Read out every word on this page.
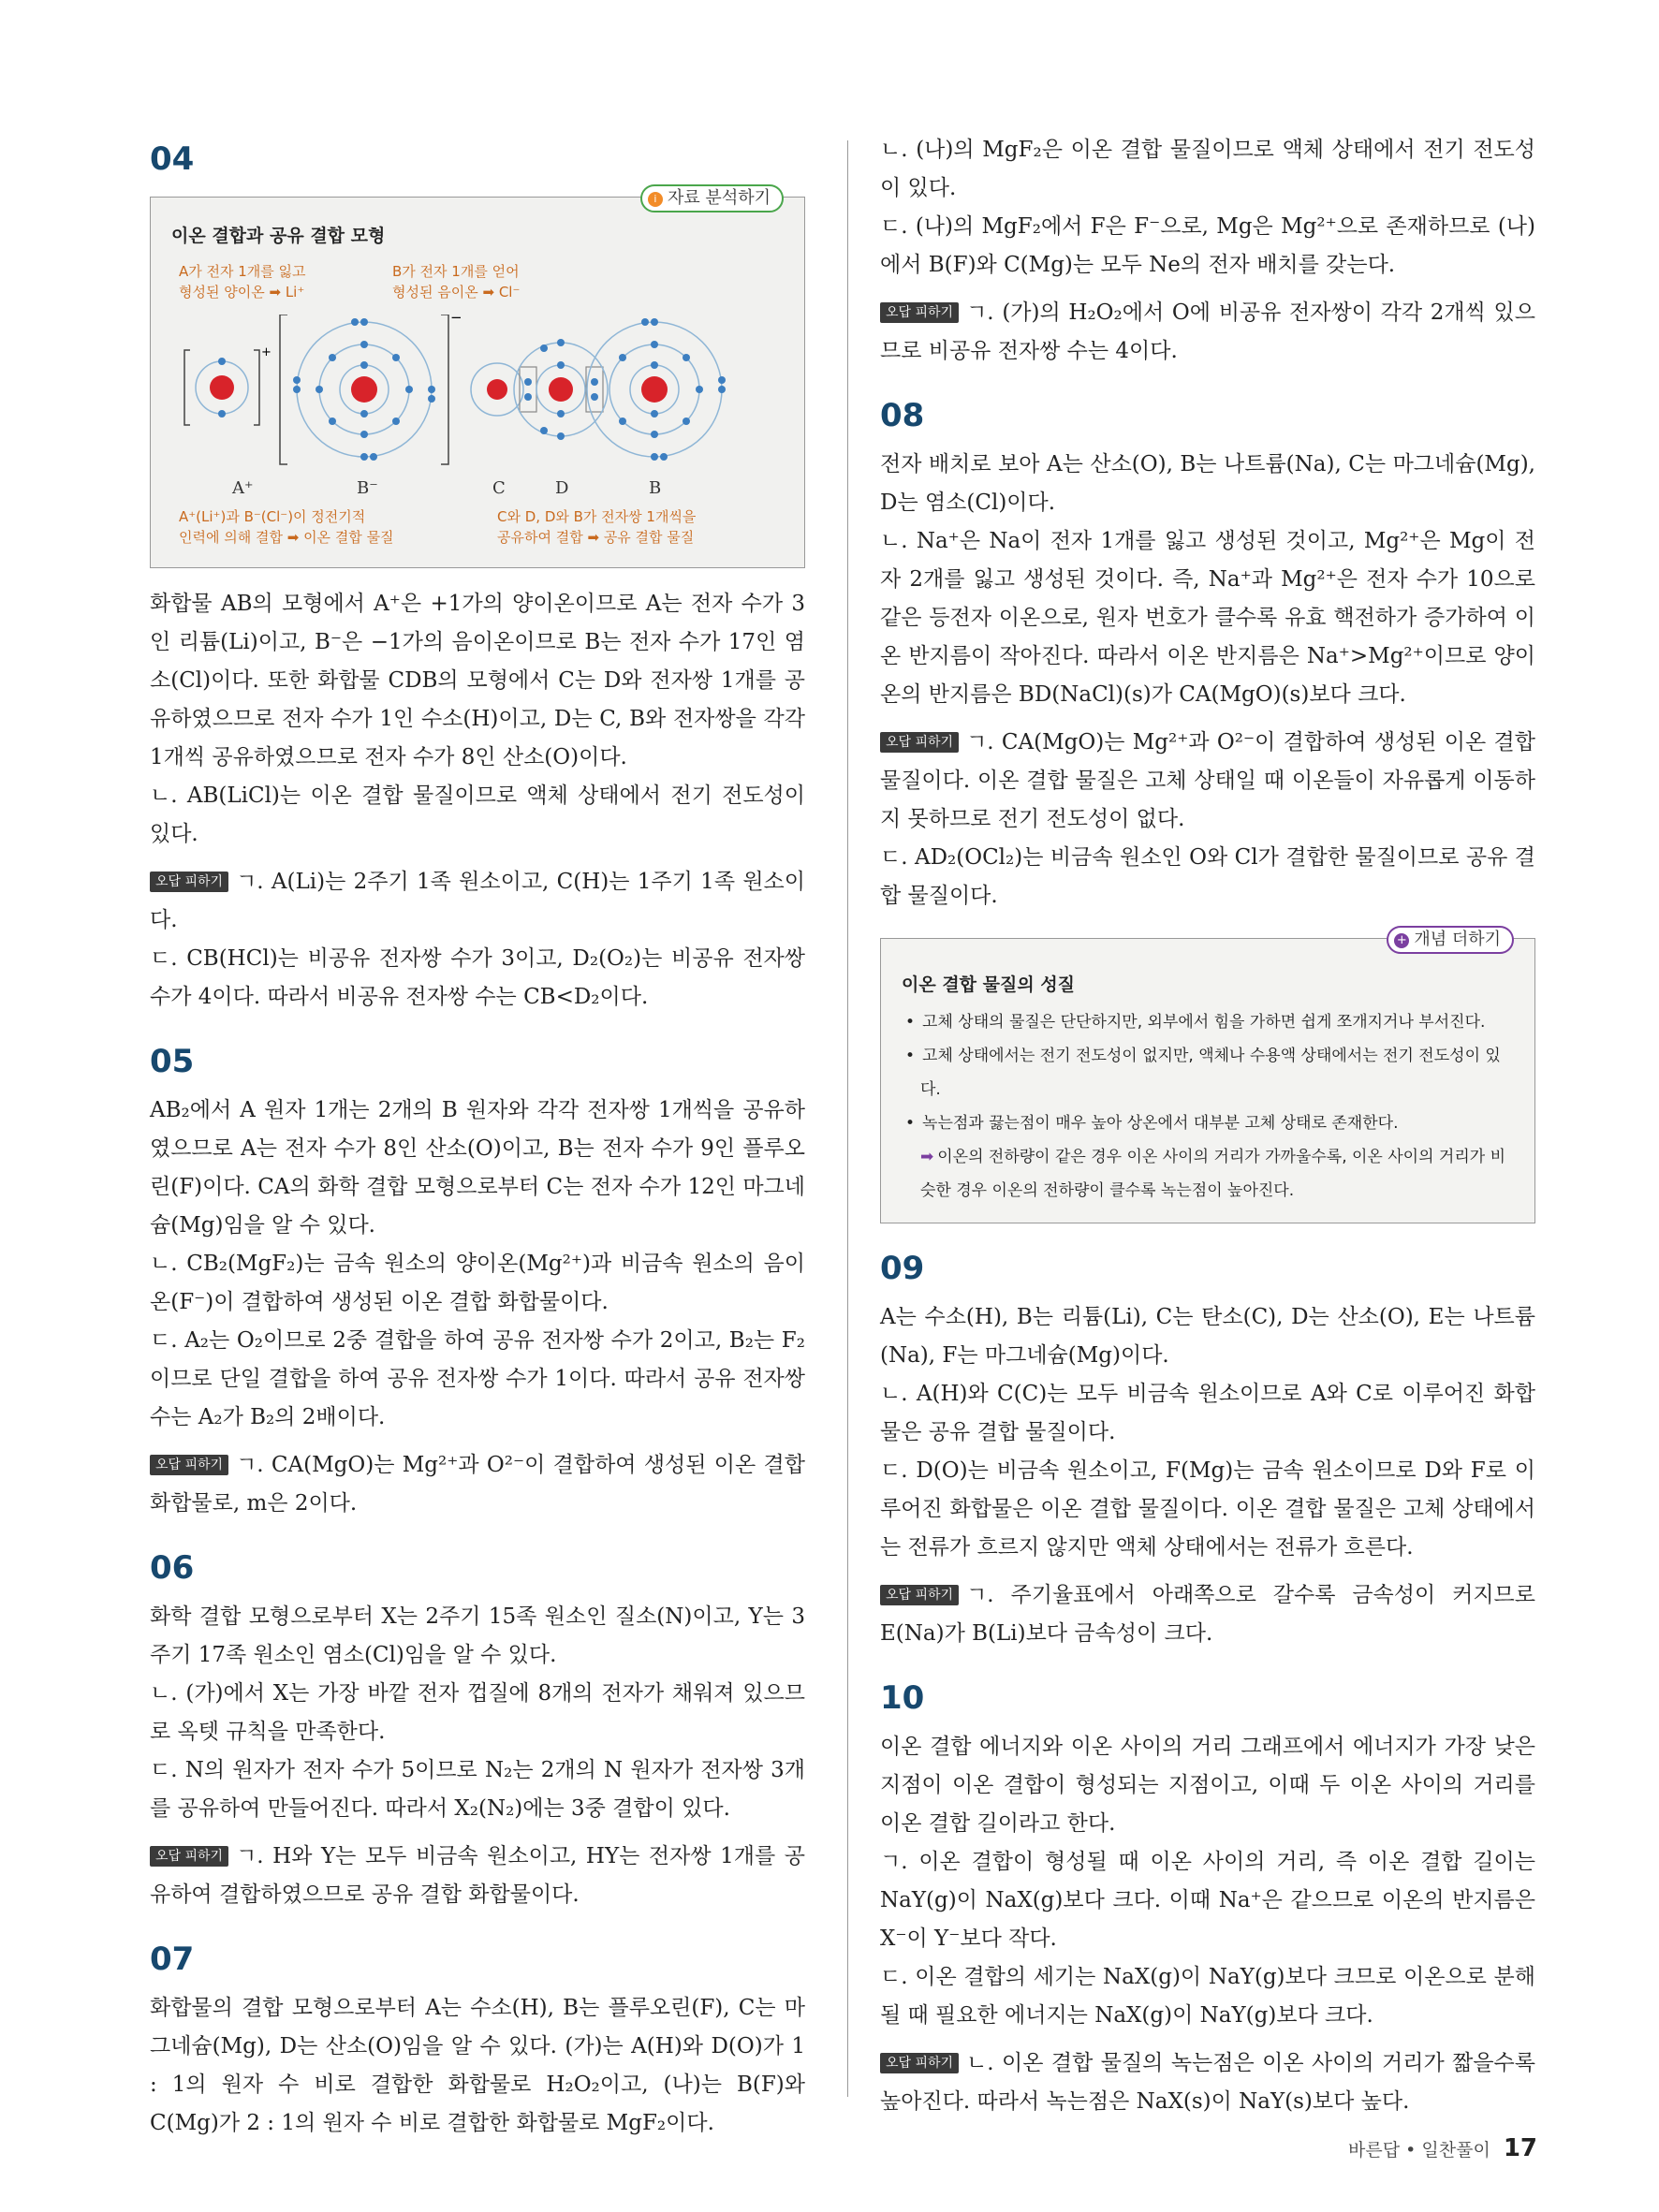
04
i 자료 분석하기
이온 결합과 공유 결합 모형
A가 전자 1개를 잃고
형성된 양이온 ➡ Li⁺
B가 전자 1개를 얻어
형성된 음이온 ➡ Cl⁻
+
−
A⁺	B⁻	C	D	B
A⁺(Li⁺)과 B⁻(Cl⁻)이 정전기적
인력에 의해 결합 ➡ 이온 결합 물질
C와 D, D와 B가 전자쌍 1개씩을
공유하여 결합 ➡ 공유 결합 물질

화합물 AB의 모형에서 A⁺은 +1가의 양이온이므로 A는 전자 수가 3인 리튬(Li)이고, B⁻은 −1가의 음이온이므로 B는 전자 수가 17인 염소(Cl)이다. 또한 화합물 CDB의 모형에서 C는 D와 전자쌍 1개를 공유하였으므로 전자 수가 1인 수소(H)이고, D는 C, B와 전자쌍을 각각 1개씩 공유하였으므로 전자 수가 8인 산소(O)이다.

ㄴ. AB(LiCl)는 이온 결합 물질이므로 액체 상태에서 전기 전도성이 있다.

오답 피하기 ㄱ. A(Li)는 2주기 1족 원소이고, C(H)는 1주기 1족 원소이다.

ㄷ. CB(HCl)는 비공유 전자쌍 수가 3이고, D₂(O₂)는 비공유 전자쌍 수가 4이다. 따라서 비공유 전자쌍 수는 CB<D₂이다.

05

AB₂에서 A 원자 1개는 2개의 B 원자와 각각 전자쌍 1개씩을 공유하였으므로 A는 전자 수가 8인 산소(O)이고, B는 전자 수가 9인 플루오린(F)이다. CA의 화학 결합 모형으로부터 C는 전자 수가 12인 마그네슘(Mg)임을 알 수 있다.

ㄴ. CB₂(MgF₂)는 금속 원소의 양이온(Mg²⁺)과 비금속 원소의 음이온(F⁻)이 결합하여 생성된 이온 결합 화합물이다.

ㄷ. A₂는 O₂이므로 2중 결합을 하여 공유 전자쌍 수가 2이고, B₂는 F₂이므로 단일 결합을 하여 공유 전자쌍 수가 1이다. 따라서 공유 전자쌍 수는 A₂가 B₂의 2배이다.

오답 피하기 ㄱ. CA(MgO)는 Mg²⁺과 O²⁻이 결합하여 생성된 이온 결합 화합물로, m은 2이다.

06

화학 결합 모형으로부터 X는 2주기 15족 원소인 질소(N)이고, Y는 3주기 17족 원소인 염소(Cl)임을 알 수 있다.

ㄴ. (가)에서 X는 가장 바깥 전자 껍질에 8개의 전자가 채워져 있으므로 옥텟 규칙을 만족한다.

ㄷ. N의 원자가 전자 수가 5이므로 N₂는 2개의 N 원자가 전자쌍 3개를 공유하여 만들어진다. 따라서 X₂(N₂)에는 3중 결합이 있다.

오답 피하기 ㄱ. H와 Y는 모두 비금속 원소이고, HY는 전자쌍 1개를 공유하여 결합하였으므로 공유 결합 화합물이다.

07

화합물의 결합 모형으로부터 A는 수소(H), B는 플루오린(F), C는 마그네슘(Mg), D는 산소(O)임을 알 수 있다. (가)는 A(H)와 D(O)가 1 : 1의 원자 수 비로 결합한 화합물로 H₂O₂이고, (나)는 B(F)와 C(Mg)가 2 : 1의 원자 수 비로 결합한 화합물로 MgF₂이다.

ㄴ. (나)의 MgF₂은 이온 결합 물질이므로 액체 상태에서 전기 전도성이 있다.

ㄷ. (나)의 MgF₂에서 F은 F⁻으로, Mg은 Mg²⁺으로 존재하므로 (나)에서 B(F)와 C(Mg)는 모두 Ne의 전자 배치를 갖는다.

오답 피하기 ㄱ. (가)의 H₂O₂에서 O에 비공유 전자쌍이 각각 2개씩 있으므로 비공유 전자쌍 수는 4이다.

08

전자 배치로 보아 A는 산소(O), B는 나트륨(Na), C는 마그네슘(Mg), D는 염소(Cl)이다.

ㄴ. Na⁺은 Na이 전자 1개를 잃고 생성된 것이고, Mg²⁺은 Mg이 전자 2개를 잃고 생성된 것이다. 즉, Na⁺과 Mg²⁺은 전자 수가 10으로 같은 등전자 이온으로, 원자 번호가 클수록 유효 핵전하가 증가하여 이온 반지름이 작아진다. 따라서 이온 반지름은 Na⁺>Mg²⁺이므로 양이온의 반지름은 BD(NaCl)(s)가 CA(MgO)(s)보다 크다.

오답 피하기 ㄱ. CA(MgO)는 Mg²⁺과 O²⁻이 결합하여 생성된 이온 결합 물질이다. 이온 결합 물질은 고체 상태일 때 이온들이 자유롭게 이동하지 못하므로 전기 전도성이 없다.

ㄷ. AD₂(OCl₂)는 비금속 원소인 O와 Cl가 결합한 물질이므로 공유 결합 물질이다.

+ 개념 더하기
이온 결합 물질의 성질
• 고체 상태의 물질은 단단하지만, 외부에서 힘을 가하면 쉽게 쪼개지거나 부서진다.
• 고체 상태에서는 전기 전도성이 없지만, 액체나 수용액 상태에서는 전기 전도성이 있다.
• 녹는점과 끓는점이 매우 높아 상온에서 대부분 고체 상태로 존재한다.
➡ 이온의 전하량이 같은 경우 이온 사이의 거리가 가까울수록, 이온 사이의 거리가 비슷한 경우 이온의 전하량이 클수록 녹는점이 높아진다.
09

A는 수소(H), B는 리튬(Li), C는 탄소(C), D는 산소(O), E는 나트륨(Na), F는 마그네슘(Mg)이다.

ㄴ. A(H)와 C(C)는 모두 비금속 원소이므로 A와 C로 이루어진 화합물은 공유 결합 물질이다.

ㄷ. D(O)는 비금속 원소이고, F(Mg)는 금속 원소이므로 D와 F로 이루어진 화합물은 이온 결합 물질이다. 이온 결합 물질은 고체 상태에서는 전류가 흐르지 않지만 액체 상태에서는 전류가 흐른다.

오답 피하기 ㄱ. 주기율표에서 아래쪽으로 갈수록 금속성이 커지므로 E(Na)가 B(Li)보다 금속성이 크다.

10

이온 결합 에너지와 이온 사이의 거리 그래프에서 에너지가 가장 낮은 지점이 이온 결합이 형성되는 지점이고, 이때 두 이온 사이의 거리를 이온 결합 길이라고 한다.

ㄱ. 이온 결합이 형성될 때 이온 사이의 거리, 즉 이온 결합 길이는 NaY(g)이 NaX(g)보다 크다. 이때 Na⁺은 같으므로 이온의 반지름은 X⁻이 Y⁻보다 작다.

ㄷ. 이온 결합의 세기는 NaX(g)이 NaY(g)보다 크므로 이온으로 분해될 때 필요한 에너지는 NaX(g)이 NaY(g)보다 크다.

오답 피하기 ㄴ. 이온 결합 물질의 녹는점은 이온 사이의 거리가 짧을수록 높아진다. 따라서 녹는점은 NaX(s)이 NaY(s)보다 높다.

바른답 • 일찬풀이 17
